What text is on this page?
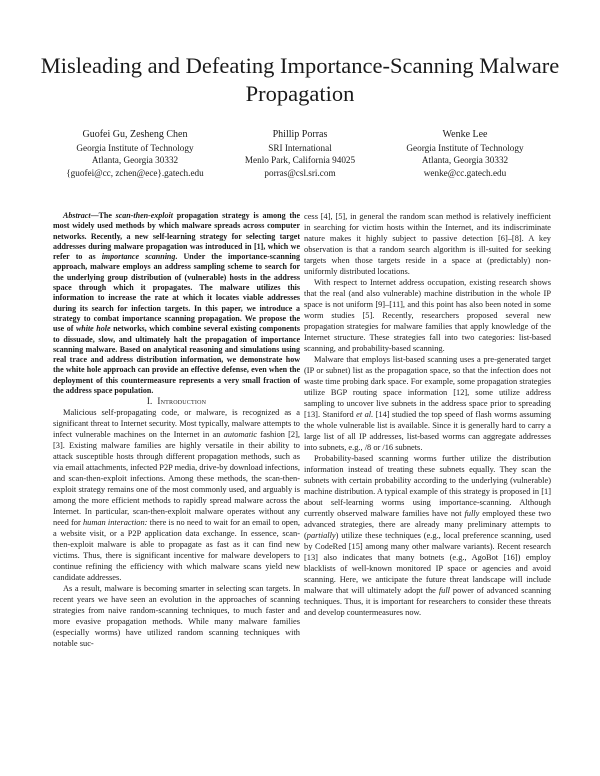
Misleading and Defeating Importance-Scanning Malware Propagation
Guofei Gu, Zesheng Chen
Georgia Institute of Technology
Atlanta, Georgia 30332
{guofei@cc, zchen@ece}.gatech.edu
Phillip Porras
SRI International
Menlo Park, California 94025
porras@csl.sri.com
Wenke Lee
Georgia Institute of Technology
Atlanta, Georgia 30332
wenke@cc.gatech.edu

Abstract—The scan-then-exploit propagation strategy is among the most widely used methods by which malware spreads across computer networks. Recently, a new self-learning strategy for selecting target addresses during malware propagation was introduced in [1], which we refer to as importance scanning. Under the importance-scanning approach, malware employs an address sampling scheme to search for the underlying group distribution of (vulnerable) hosts in the address space through which it propagates. The malware utilizes this information to increase the rate at which it locates viable addresses during its search for infection targets. In this paper, we introduce a strategy to combat importance scanning propagation. We propose the use of white hole networks, which combine several existing components to dissuade, slow, and ultimately halt the propagation of importance scanning malware. Based on analytical reasoning and simulations using real trace and address distribution information, we demonstrate how the white hole approach can provide an effective defense, even when the deployment of this countermeasure represents a very small fraction of the address space population.

I. Introduction

Malicious self-propagating code, or malware, is recognized as a significant threat to Internet security. Most typically, malware attempts to infect vulnerable machines on the Internet in an automatic fashion [2], [3]. Existing malware families are highly versatile in their ability to attack susceptible hosts through different propagation methods, such as via email attachments, infected P2P media, drive-by download infections, and scan-then-exploit infections. Among these methods, the scan-then-exploit strategy remains one of the most commonly used, and arguably is among the more efficient methods to rapidly spread malware across the Internet. In particular, scan-then-exploit malware operates without any need for human interaction: there is no need to wait for an email to open, a website visit, or a P2P application data exchange. In essence, scan-then-exploit malware is able to propagate as fast as it can find new victims. Thus, there is significant incentive for malware developers to continue refining the efficiency with which malware scans yield new candidate addresses.

As a result, malware is becoming smarter in selecting scan targets. In recent years we have seen an evolution in the approaches of scanning strategies from naive random-scanning techniques, to much faster and more evasive propagation methods. While many malware families (especially worms) have utilized random scanning techniques with notable suc-

cess [4], [5], in general the random scan method is relatively inefficient in searching for victim hosts within the Internet, and its indiscriminate nature makes it highly subject to passive detection [6]–[8]. A key observation is that a random search algorithm is ill-suited for seeking targets when those targets reside in a space at (predictably) non-uniformly distributed locations.

With respect to Internet address occupation, existing research shows that the real (and also vulnerable) machine distribution in the whole IP space is not uniform [9]–[11], and this point has also been noted in some worm studies [5]. Recently, researchers proposed several new propagation strategies for malware families that apply knowledge of the Internet structure. These strategies fall into two categories: list-based scanning, and probability-based scanning.

Malware that employs list-based scanning uses a pre-generated target (IP or subnet) list as the propagation space, so that the infection does not waste time probing dark space. For example, some propagation strategies utilize BGP routing space information [12], some utilize address sampling to uncover live subnets in the address space prior to spreading [13]. Staniford et al. [14] studied the top speed of flash worms assuming the whole vulnerable list is available. Since it is generally hard to carry a large list of all IP addresses, list-based worms can aggregate addresses into subnets, e.g., /8 or /16 subnets.

Probability-based scanning worms further utilize the distribution information instead of treating these subnets equally. They scan the subnets with certain probability according to the underlying (vulnerable) machine distribution. A typical example of this strategy is proposed in [1] about self-learning worms using importance-scanning. Although currently observed malware families have not fully employed these two advanced strategies, there are already many preliminary attempts to (partially) utilize these techniques (e.g., local preference scanning, used by CodeRed [15] among many other malware variants). Recent research [13] also indicates that many botnets (e.g., AgoBot [16]) employ blacklists of well-known monitored IP space or agencies and avoid scanning. Here, we anticipate the future threat landscape will include malware that will ultimately adopt the full power of advanced scanning techniques. Thus, it is important for researchers to consider these threats and develop countermeasures now.
